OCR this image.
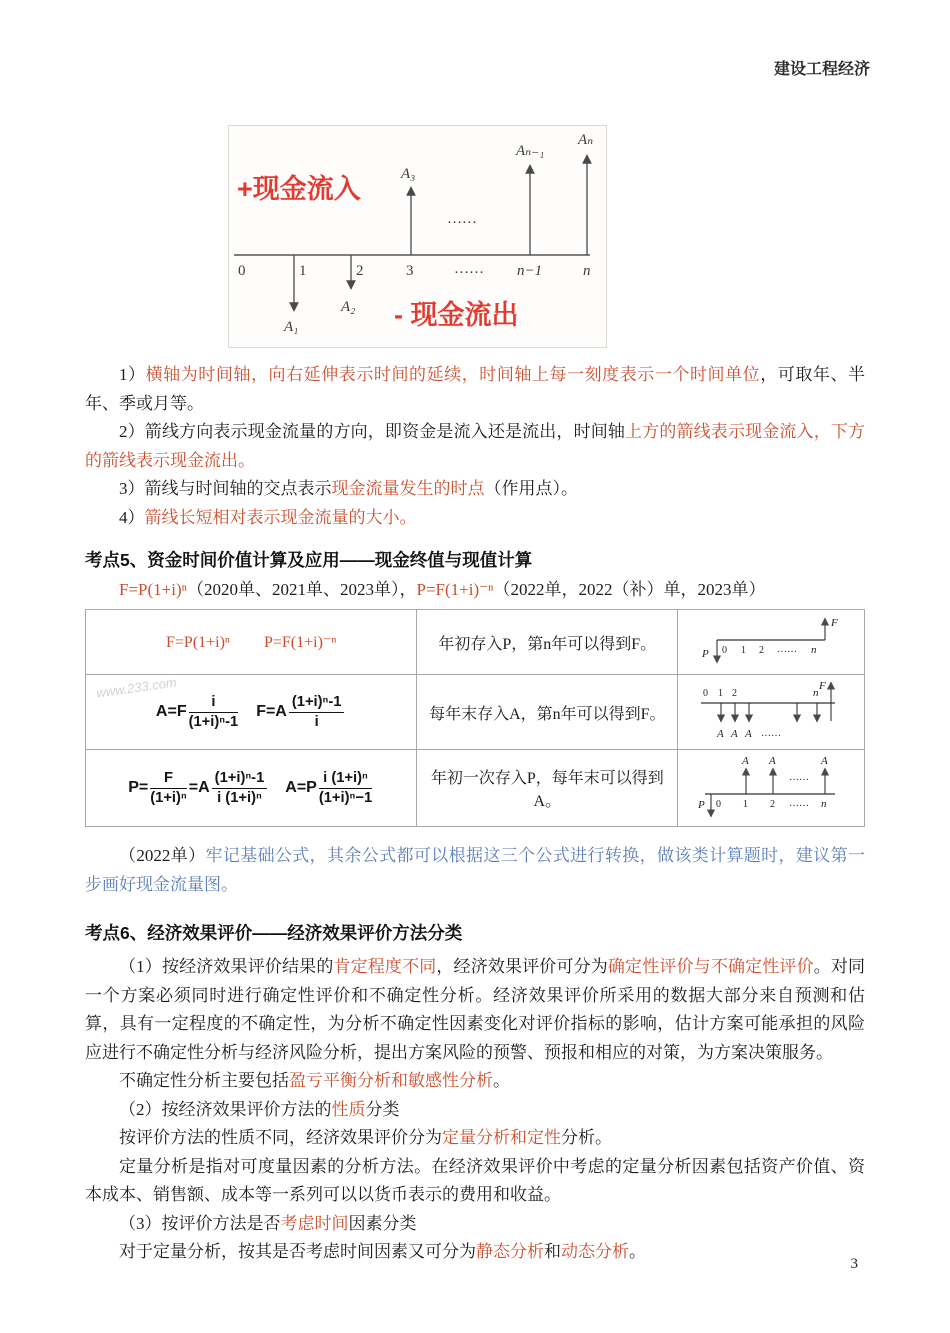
建设工程经济
A₃
Aₙ₋₁
Aₙ
A₁
A₂
……
0	1	2	3	…… n−1	n
+现金流入
- 现金流出

1）横轴为时间轴，向右延伸表示时间的延续，时间轴上每一刻度表示一个时间单位，可取年、半年、季或月等。

2）箭线方向表示现金流量的方向，即资金是流入还是流出，时间轴上方的箭线表示现金流入，下方的箭线表示现金流出。

3）箭线与时间轴的交点表示现金流量发生的时点（作用点）。

4）箭线长短相对表示现金流量的大小。

考点5、资金时间价值计算及应用——现金终值与现值计算

F=P(1+i)ⁿ（2020单、2021单、2023单），P=F(1+i)⁻ⁿ（2022单，2022（补）单，2023单）

F=P(1+i)ⁿ P=F(1+i)⁻ⁿ	年初存入P，第n年可以得到F。	
P 0 1 2 …… n
F

www.233.com
$A=F \frac{i}{\text{(1+i)ⁿ-1}} F=A \frac{\text{(1+i)ⁿ-1}}{i}$	每年末存入A，第n年可以得到F。	
0 1 2	n
A A A ……
F

$P= \frac{F}{\text{(1+i)ⁿ}} =A \frac{\text{(1+i)ⁿ-1}}{\text{i (1+i)ⁿ}} A=P \frac{\text{i (1+i)ⁿ}}{\text{(1+i)ⁿ−1}}$	年初一次存入P，每年末可以得到A。	P 0 1 2 …… n
A A	A
……

（2022单）牢记基础公式，其余公式都可以根据这三个公式进行转换，做该类计算题时，建议第一步画好现金流量图。

考点6、经济效果评价——经济效果评价方法分类

（1）按经济效果评价结果的肯定程度不同，经济效果评价可分为确定性评价与不确定性评价。对同一个方案必须同时进行确定性评价和不确定性分析。经济效果评价所采用的数据大部分来自预测和估算，具有一定程度的不确定性，为分析不确定性因素变化对评价指标的影响，估计方案可能承担的风险应进行不确定性分析与经济风险分析，提出方案风险的预警、预报和相应的对策，为方案决策服务。

不确定性分析主要包括盈亏平衡分析和敏感性分析。

（2）按经济效果评价方法的性质分类

按评价方法的性质不同，经济效果评价分为定量分析和定性分析。

定量分析是指对可度量因素的分析方法。在经济效果评价中考虑的定量分析因素包括资产价值、资本成本、销售额、成本等一系列可以以货币表示的费用和收益。

（3）按评价方法是否考虑时间因素分类

对于定量分析，按其是否考虑时间因素又可分为静态分析和动态分析。

3
